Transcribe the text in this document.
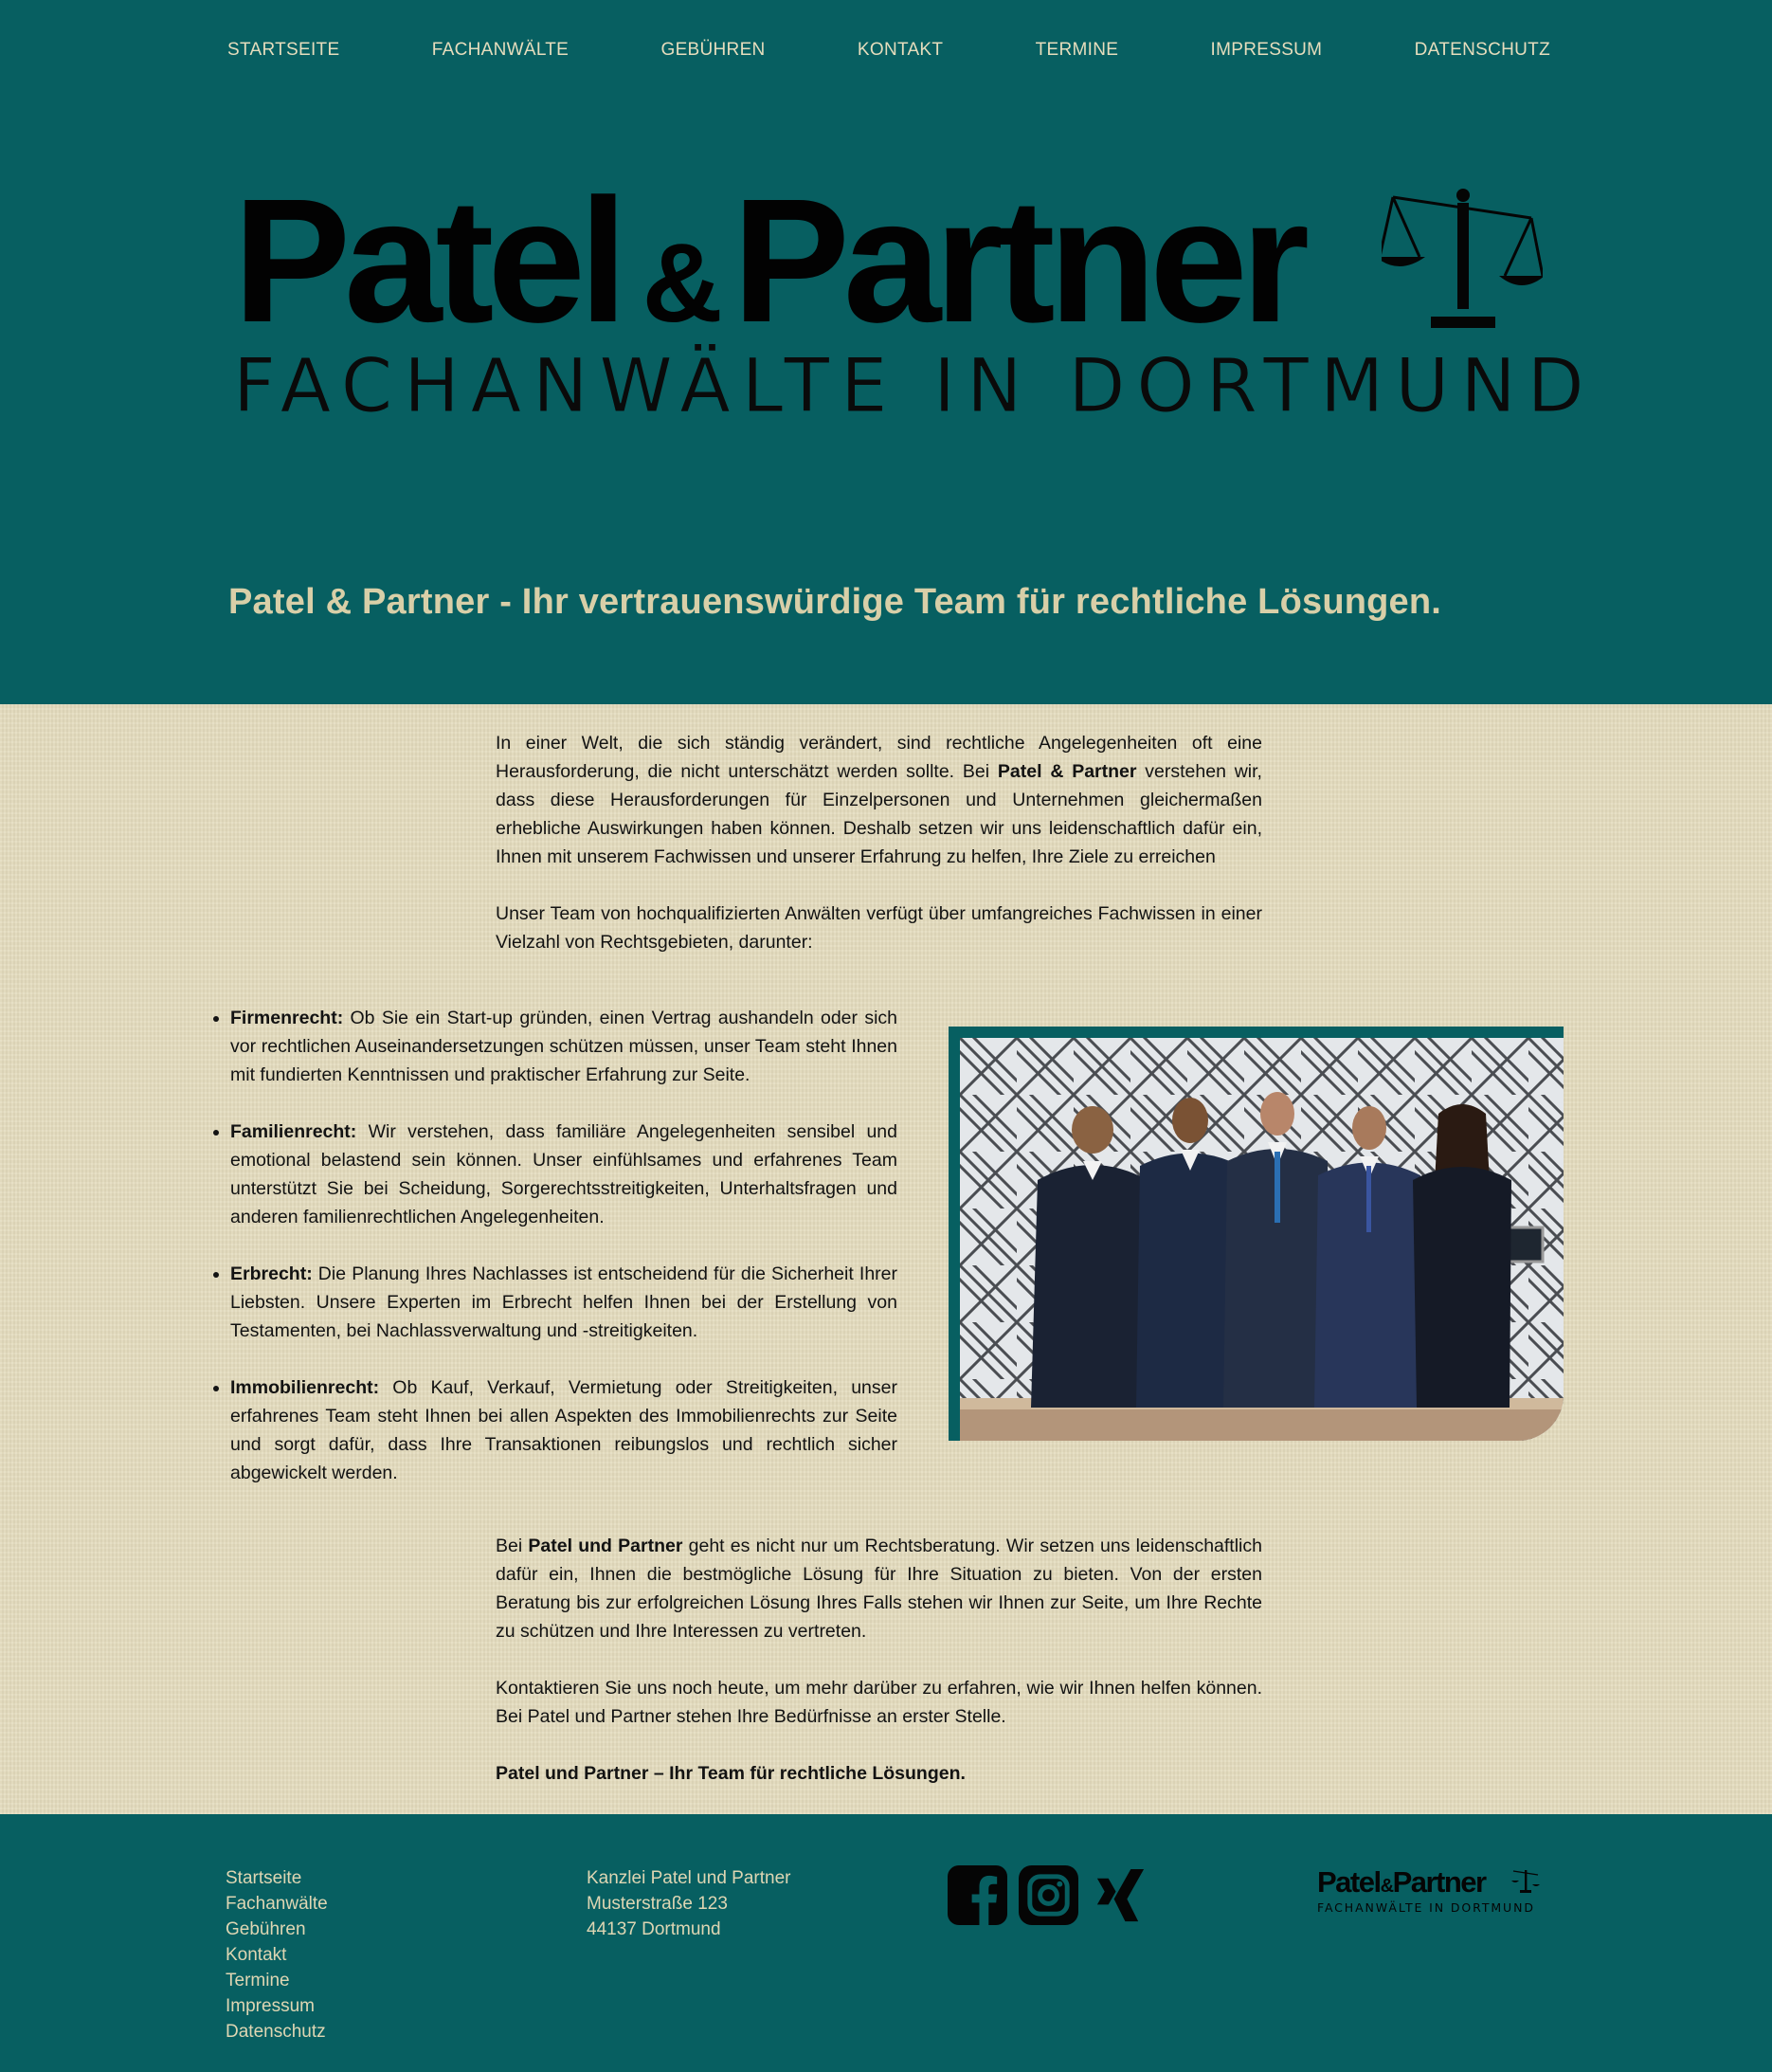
STARTSEITE	FACHANWÄLTE	GEBÜHREN	KONTAKT	TERMINE	IMPRESSUM	DATENSCHUTZ
Patel &Partner
FACHANWÄLTE IN DORTMUND
Patel & Partner - Ihr vertrauenswürdige Team für rechtliche Lösungen.

In einer Welt, die sich ständig verändert, sind rechtliche Angelegenheiten oft eine Herausforderung, die nicht unterschätzt werden sollte. Bei Patel & Partner verstehen wir, dass diese Herausforderungen für Einzelpersonen und Unternehmen gleichermaßen erhebliche Auswirkungen haben können. Deshalb setzen wir uns leidenschaftlich dafür ein, Ihnen mit unserem Fachwissen und unserer Erfahrung zu helfen, Ihre Ziele zu erreichen

Unser Team von hochqualifizierten Anwälten verfügt über umfangreiches Fachwissen in einer Vielzahl von Rechtsgebieten, darunter:

• Firmenrecht: Ob Sie ein Start-up gründen, einen Vertrag aushandeln oder sich vor rechtlichen Auseinandersetzungen schützen müssen, unser Team steht Ihnen mit fundierten Kenntnissen und praktischer Erfahrung zur Seite.
• Familienrecht: Wir verstehen, dass familiäre Angelegenheiten sensibel und emotional belastend sein können. Unser einfühlsames und erfahrenes Team unterstützt Sie bei Scheidung, Sorgerechtsstreitigkeiten, Unterhaltsfragen und anderen familienrechtlichen Angelegenheiten.
• Erbrecht: Die Planung Ihres Nachlasses ist entscheidend für die Sicherheit Ihrer Liebsten. Unsere Experten im Erbrecht helfen Ihnen bei der Erstellung von Testamenten, bei Nachlassverwaltung und -streitigkeiten.
• Immobilienrecht: Ob Kauf, Verkauf, Vermietung oder Streitigkeiten, unser erfahrenes Team steht Ihnen bei allen Aspekten des Immobilienrechts zur Seite und sorgt dafür, dass Ihre Transaktionen reibungslos und rechtlich sicher abgewickelt werden.

Bei Patel und Partner geht es nicht nur um Rechtsberatung. Wir setzen uns leidenschaftlich dafür ein, Ihnen die bestmögliche Lösung für Ihre Situation zu bieten. Von der ersten Beratung bis zur erfolgreichen Lösung Ihres Falls stehen wir Ihnen zur Seite, um Ihre Rechte zu schützen und Ihre Interessen zu vertreten.

Kontaktieren Sie uns noch heute, um mehr darüber zu erfahren, wie wir Ihnen helfen können. Bei Patel und Partner stehen Ihre Bedürfnisse an erster Stelle.

Patel und Partner – Ihr Team für rechtliche Lösungen.

Startseite
Fachanwälte
Gebühren
Kontakt
Termine
Impressum
Datenschutz
Kanzlei Patel und Partner
Musterstraße 123
44137 Dortmund
Patel&Partner
FACHANWÄLTE IN DORTMUND
